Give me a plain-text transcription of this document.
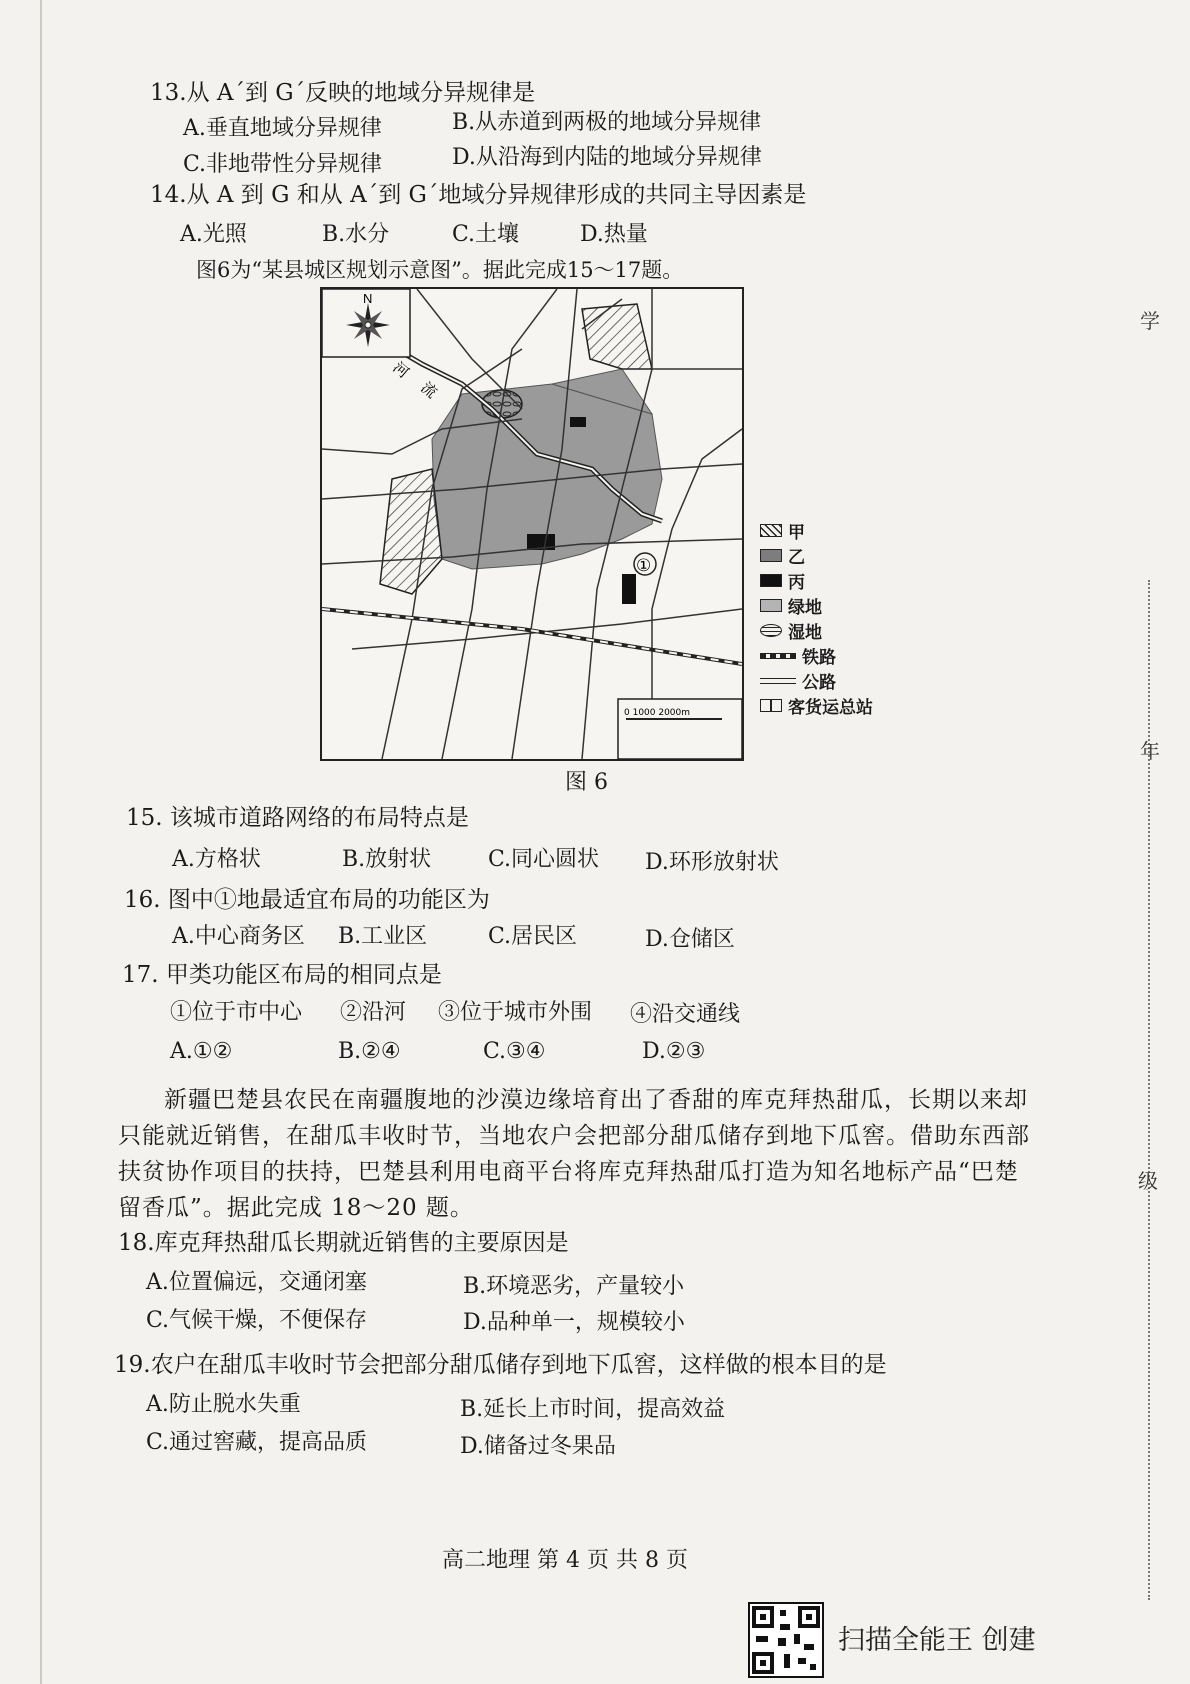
13.从 A´到 G´反映的地域分异规律是
A.垂直地域分异规律	B.从赤道到两极的地域分异规律
C.非地带性分异规律	D.从沿海到内陆的地域分异规律
14.从 A 到 G 和从 A´到 G´地域分异规律形成的共同主导因素是
A.光照	B.水分	C.土壤	D.热量
图6为“某县城区规划示意图”。据此完成15～17题。
N
河
流
①
0 1000 2000m
甲
乙
丙
绿地
湿地
铁路
公路
客货运总站
图 6
15. 该城市道路网络的布局特点是
A.方格状	B.放射状	C.同心圆状 D.环形放射状
16. 图中①地最适宜布局的功能区为
A.中心商务区 B.工业区	C.居民区	D.仓储区
17. 甲类功能区布局的相同点是
①位于市中心 ②沿河 ③位于城市外围 ④沿交通线
A.①②	B.②④	C.③④	D.②③

新疆巴楚县农民在南疆腹地的沙漠边缘培育出了香甜的库克拜热甜瓜，长期以来却

只能就近销售，在甜瓜丰收时节，当地农户会把部分甜瓜储存到地下瓜窖。借助东西部

扶贫协作项目的扶持，巴楚县利用电商平台将库克拜热甜瓜打造为知名地标产品“巴楚

留香瓜”。据此完成 18～20 题。

18.库克拜热甜瓜长期就近销售的主要原因是
A.位置偏远，交通闭塞	B.环境恶劣，产量较小
C.气候干燥，不便保存	D.品种单一，规模较小
19.农户在甜瓜丰收时节会把部分甜瓜储存到地下瓜窖，这样做的根本目的是
A.防止脱水失重	B.延长上市时间，提高效益
C.通过窖藏，提高品质	D.储备过冬果品
高二地理 第 4 页 共 8 页
学
年
级
扫描全能王 创建
